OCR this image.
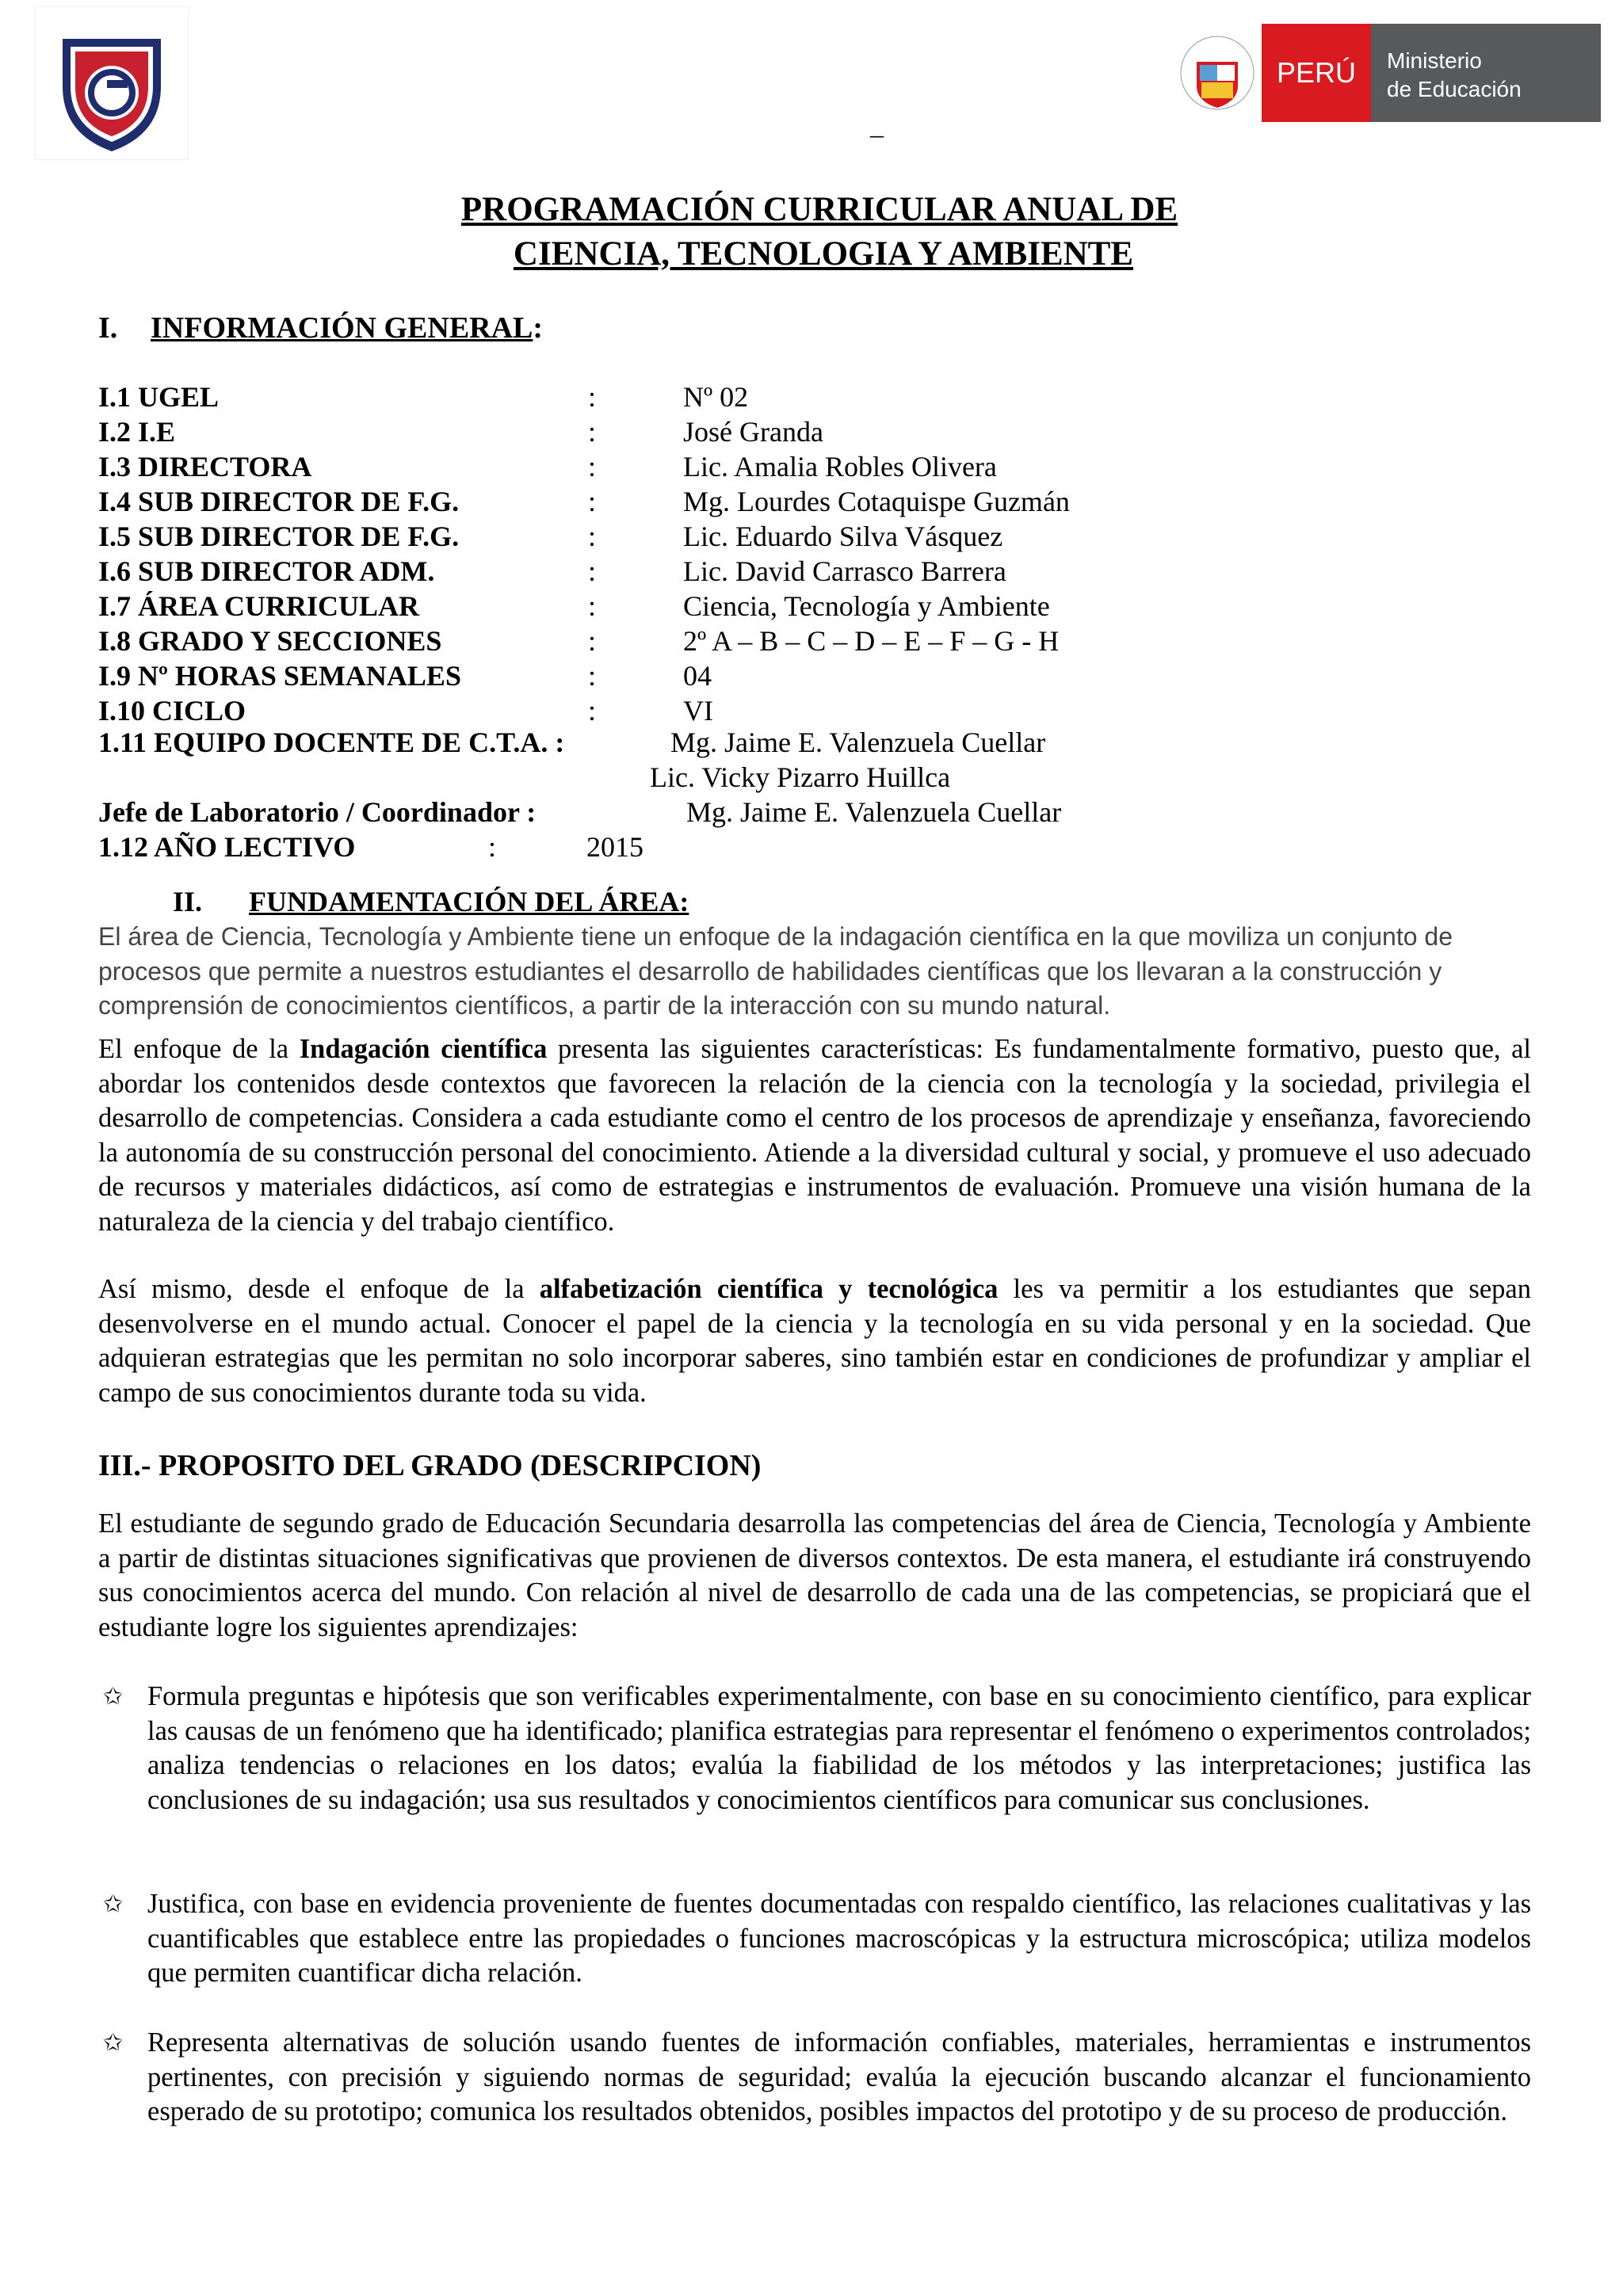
PERÚ Ministerio
de Educación
_
PROGRAMACIÓN CURRICULAR ANUAL DE
CIENCIA, TECNOLOGIA Y AMBIENTE
I. INFORMACIÓN GENERAL:
I.1 UGEL	:	Nº 02
I.2 I.E	:	José Granda
I.3 DIRECTORA	:	Lic. Amalia Robles Olivera
I.4 SUB DIRECTOR DE F.G.	:	Mg. Lourdes Cotaquispe Guzmán
I.5 SUB DIRECTOR DE F.G.	:	Lic. Eduardo Silva Vásquez
I.6 SUB DIRECTOR ADM.	:	Lic. David Carrasco Barrera
I.7 ÁREA CURRICULAR	:	Ciencia, Tecnología y Ambiente
I.8 GRADO Y SECCIONES	:	2º A – B – C – D – E – F – G - H
I.9 Nº HORAS SEMANALES	:	04
I.10 CICLO	:	VI
1.11 EQUIPO DOCENTE DE C.T.A. :	Mg. Jaime E. Valenzuela Cuellar
Lic. Vicky Pizarro Huillca
Jefe de Laboratorio / Coordinador :	Mg. Jaime E. Valenzuela Cuellar
1.12 AÑO LECTIVO	:	2015
II. FUNDAMENTACIÓN DEL ÁREA:
El área de Ciencia, Tecnología y Ambiente tiene un enfoque de la indagación científica en la que moviliza un conjunto de procesos que permite a nuestros estudiantes el desarrollo de habilidades científicas que los llevaran a la construcción y comprensión de conocimientos científicos, a partir de la interacción con su mundo natural.
El enfoque de la Indagación científica presenta las siguientes características: Es fundamentalmente formativo, puesto que, al abordar los contenidos desde contextos que favorecen la relación de la ciencia con la tecnología y la sociedad, privilegia el desarrollo de competencias. Considera a cada estudiante como el centro de los procesos de aprendizaje y enseñanza, favoreciendo la autonomía de su construcción personal del conocimiento. Atiende a la diversidad cultural y social, y promueve el uso adecuado de recursos y materiales didácticos, así como de estrategias e instrumentos de evaluación. Promueve una visión humana de la naturaleza de la ciencia y del trabajo científico.
Así mismo, desde el enfoque de la alfabetización científica y tecnológica les va permitir a los estudiantes que sepan desenvolverse en el mundo actual. Conocer el papel de la ciencia y la tecnología en su vida personal y en la sociedad. Que adquieran estrategias que les permitan no solo incorporar saberes, sino también estar en condiciones de profundizar y ampliar el campo de sus conocimientos durante toda su vida.
III.- PROPOSITO DEL GRADO (DESCRIPCION)
El estudiante de segundo grado de Educación Secundaria desarrolla las competencias del área de Ciencia, Tecnología y Ambiente a partir de distintas situaciones significativas que provienen de diversos contextos. De esta manera, el estudiante irá construyendo sus conocimientos acerca del mundo. Con relación al nivel de desarrollo de cada una de las competencias, se propiciará que el estudiante logre los siguientes aprendizajes:
✩ Formula preguntas e hipótesis que son verificables experimentalmente, con base en su conocimiento científico, para explicar las causas de un fenómeno que ha identificado; planifica estrategias para representar el fenómeno o experimentos controlados; analiza tendencias o relaciones en los datos; evalúa la fiabilidad de los métodos y las interpretaciones; justifica las conclusiones de su indagación; usa sus resultados y conocimientos científicos para comunicar sus conclusiones.
✩ Justifica, con base en evidencia proveniente de fuentes documentadas con respaldo científico, las relaciones cualitativas y las cuantificables que establece entre las propiedades o funciones macroscópicas y la estructura microscópica; utiliza modelos que permiten cuantificar dicha relación.
✩ Representa alternativas de solución usando fuentes de información confiables, materiales, herramientas e instrumentos pertinentes, con precisión y siguiendo normas de seguridad; evalúa la ejecución buscando alcanzar el funcionamiento esperado de su prototipo; comunica los resultados obtenidos, posibles impactos del prototipo y de su proceso de producción.
